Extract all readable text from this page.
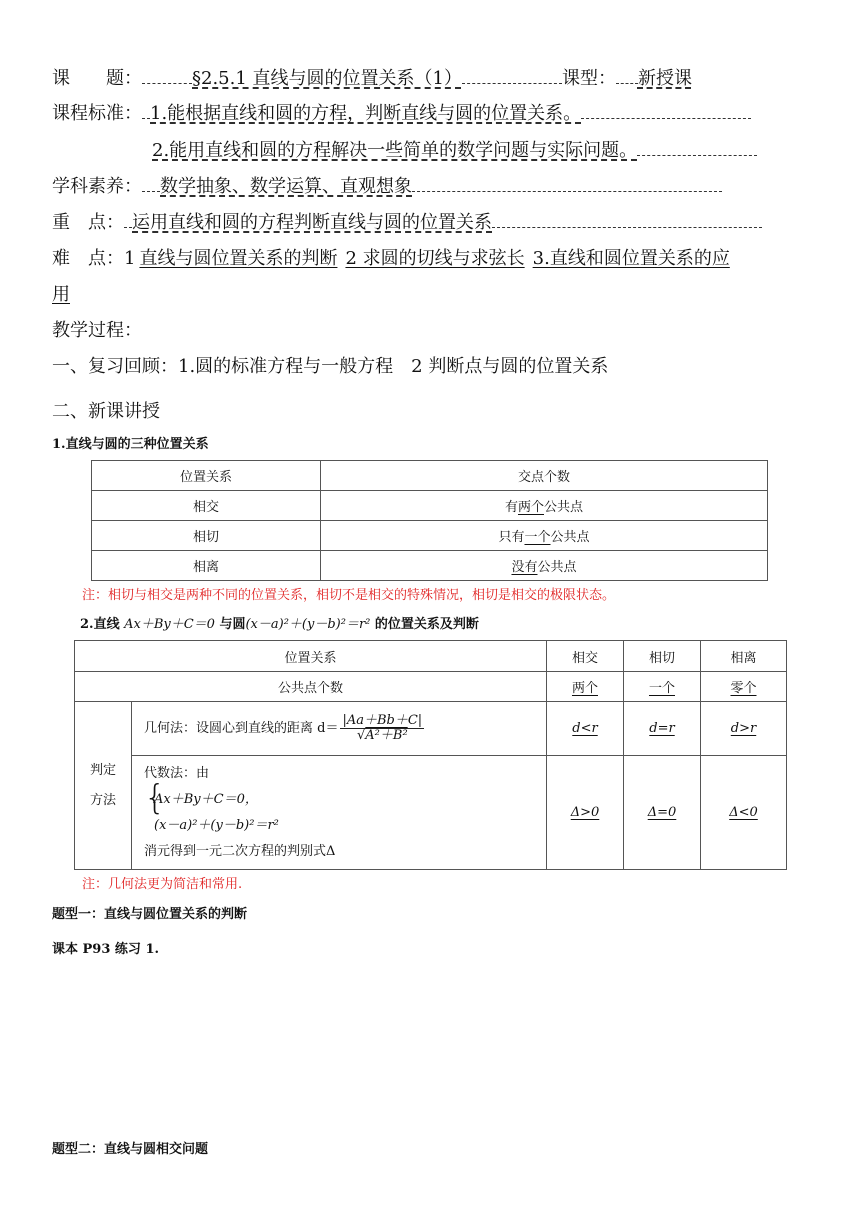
课　　题：	§2.5.1 直线与圆的位置关系（1）	课型： 新授课
课程标准： 1.能根据直线和圆的方程，判断直线与圆的位置关系。
2.能用直线和圆的方程解决一些简单的数学问题与实际问题。
学科素养： 数学抽象、数学运算、直观想象
重　点： 运用直线和圆的方程判断直线与圆的位置关系
难　点：1 直线与圆位置关系的判断 2 求圆的切线与求弦长 3.直线和圆位置关系的应
用
教学过程：
一、复习回顾：1.圆的标准方程与一般方程　2 判断点与圆的位置关系
二、新课讲授
1.直线与圆的三种位置关系
位置关系	交点个数
相交	有两个公共点
相切	只有一个公共点
相离	没有公共点
注：相切与相交是两种不同的位置关系，相切不是相交的特殊情况，相切是相交的极限状态。
2.直线 Ax＋By＋C＝0 与圆(x－a)²＋(y－b)²＝r² 的位置关系及判断
位置关系		相交	相切	相离
公共点个数		两个	一个	零个
判定
方法	几何法：设圆心到直线的距离 $d= \frac{|Aa+Bb+C|}{\text{√A²＋B²}}$	d<r	d=r	d>r

	代数法：由
{
Ax＋By＋C＝0，
(x－a)²＋(y－b)²＝r²
消元得到一元二次方程的判别式Δ	Δ>0	Δ=0	Δ<0
注：几何法更为简洁和常用.
题型一：直线与圆位置关系的判断
课本 P93 练习 1.
题型二：直线与圆相交问题
